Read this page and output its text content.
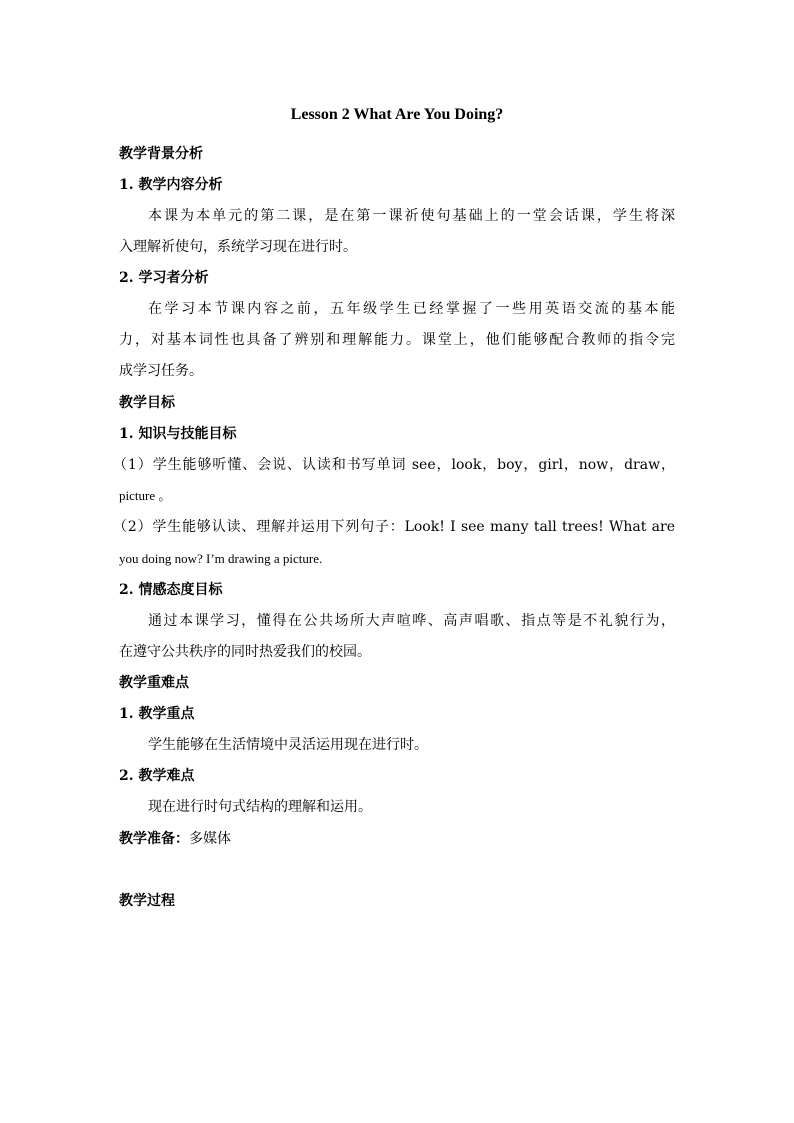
Lesson 2 What Are You Doing?
教学背景分析
1. 教学内容分析
本课为本单元的第二课，是在第一课祈使句基础上的一堂会话课，学生将深
入理解祈使句，系统学习现在进行时。
2. 学习者分析
在学习本节课内容之前，五年级学生已经掌握了一些用英语交流的基本能
力，对基本词性也具备了辨别和理解能力。课堂上，他们能够配合教师的指令完
成学习任务。
教学目标
1. 知识与技能目标
（1）学生能够听懂、会说、认读和书写单词 see，look，boy，girl，now，draw，
picture 。
（2）学生能够认读、理解并运用下列句子：Look! I see many tall trees! What are
you doing now? I’m drawing a picture.
2. 情感态度目标
通过本课学习，懂得在公共场所大声喧哗、高声唱歌、指点等是不礼貌行为，
在遵守公共秩序的同时热爱我们的校园。
教学重难点
1. 教学重点
学生能够在生活情境中灵活运用现在进行时。
2. 教学难点
现在进行时句式结构的理解和运用。
教学准备：多媒体
教学过程
